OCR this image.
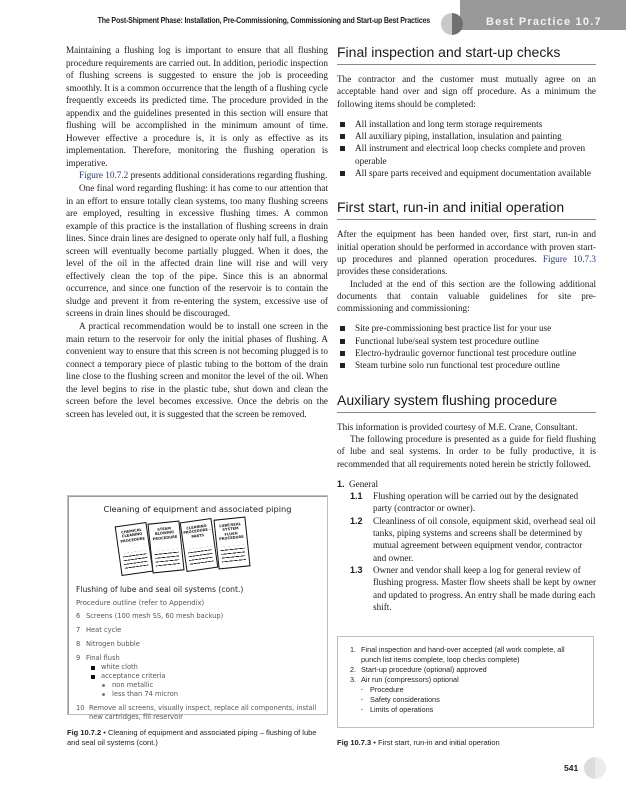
The Post-Shipment Phase: Installation, Pre-Commissioning, Commissioning and Start-up Best Practices	Best Practice 10.7

Maintaining a flushing log is important to ensure that all flushing procedure requirements are carried out. In addition, periodic inspection of flushing screens is suggested to ensure the job is proceeding smoothly. It is a common occurrence that the length of a flushing cycle frequently exceeds its predicted time. The procedure provided in the appendix and the guidelines presented in this section will ensure that flushing will be accomplished in the minimum amount of time. However effective a procedure is, it is only as effective as its implementation. Therefore, monitoring the flushing operation is imperative.

Figure 10.7.2 presents additional considerations regarding flushing.

One final word regarding flushing: it has come to our attention that in an effort to ensure totally clean systems, too many flushing screens are employed, resulting in excessive flushing times. A common example of this practice is the installation of flushing screens in drain lines. Since drain lines are designed to operate only half full, a flushing screen will eventually become partially plugged. When it does, the level of the oil in the affected drain line will rise and will very effectively clean the top of the pipe. Since this is an abnormal occurrence, and since one function of the reservoir is to contain the sludge and prevent it from re-entering the system, excessive use of screens in drain lines should be discouraged.

A practical recommendation would be to install one screen in the main return to the reservoir for only the initial phases of flushing. A convenient way to ensure that this screen is not becoming plugged is to connect a temporary piece of plastic tubing to the bottom of the drain line close to the flushing screen and monitor the level of the oil. When the level begins to rise in the plastic tube, shut down and clean the screen before the level becomes excessive. Once the debris on the screen has leveled out, it is suggested that the screen be removed.

Cleaning of equipment and associated piping
CHEMICAL CLEANING PROCEDURE
STEAM BLOWING PROCEDURE
CLEANING PROCEDURE – PARTS
LUBE/SEAL SYSTEM FLUSH PROCEDURE
Flushing of lube and seal oil systems (cont.)
Procedure outline (refer to Appendix)
6 Screens (100 mesh SS, 60 mesh backup)
7 Heat cycle
8 Nitrogen bubble
9 Final flush
white cloth
acceptance criteria
non metallic
less than 74 micron
10 Remove all screens, visually inspect, replace all components, install new cartridges, fill reservoir
Fig 10.7.2 • Cleaning of equipment and associated piping – flushing of lube and seal oil systems (cont.)
Final inspection and start-up checks

The contractor and the customer must mutually agree on an acceptable hand over and sign off procedure. As a minimum the following items should be completed:

All installation and long term storage requirements
All auxiliary piping, installation, insulation and painting
All instrument and electrical loop checks complete and proven operable
All spare parts received and equipment documentation available
First start, run-in and initial operation

After the equipment has been handed over, first start, run-in and initial operation should be performed in accordance with proven start-up procedures and planned operation procedures. Figure 10.7.3 provides these considerations.

Included at the end of this section are the following additional documents that contain valuable guidelines for site pre-commissioning and commissioning:

Site pre-commissioning best practice list for your use
Functional lube/seal system test procedure outline
Electro-hydraulic governor functional test procedure outline
Steam turbine solo run functional test procedure outline
Auxiliary system flushing procedure

This information is provided courtesy of M.E. Crane, Consultant.

The following procedure is presented as a guide for field flushing of lube and seal systems. In order to be fully productive, it is recommended that all requirements noted herein be strictly followed.

1. General
1.1 Flushing operation will be carried out by the designated party (contractor or owner).
1.2 Cleanliness of oil console, equipment skid, overhead seal oil tanks, piping systems and screens shall be determined by mutual agreement between equipment vendor, contractor and owner.
1.3 Owner and vendor shall keep a log for general review of flushing progress. Master flow sheets shall be kept by owner and updated to progress. An entry shall be made during each shift.
1. Final inspection and hand-over accepted (all work complete, all punch list items complete, loop checks complete)
2. Start-up procedure (optional) approved
3. Air run (compressors) optional
▪ Procedure
▪ Safety considerations
▪ Limits of operations
Fig 10.7.3 • First start, run-in and initial operation
541
